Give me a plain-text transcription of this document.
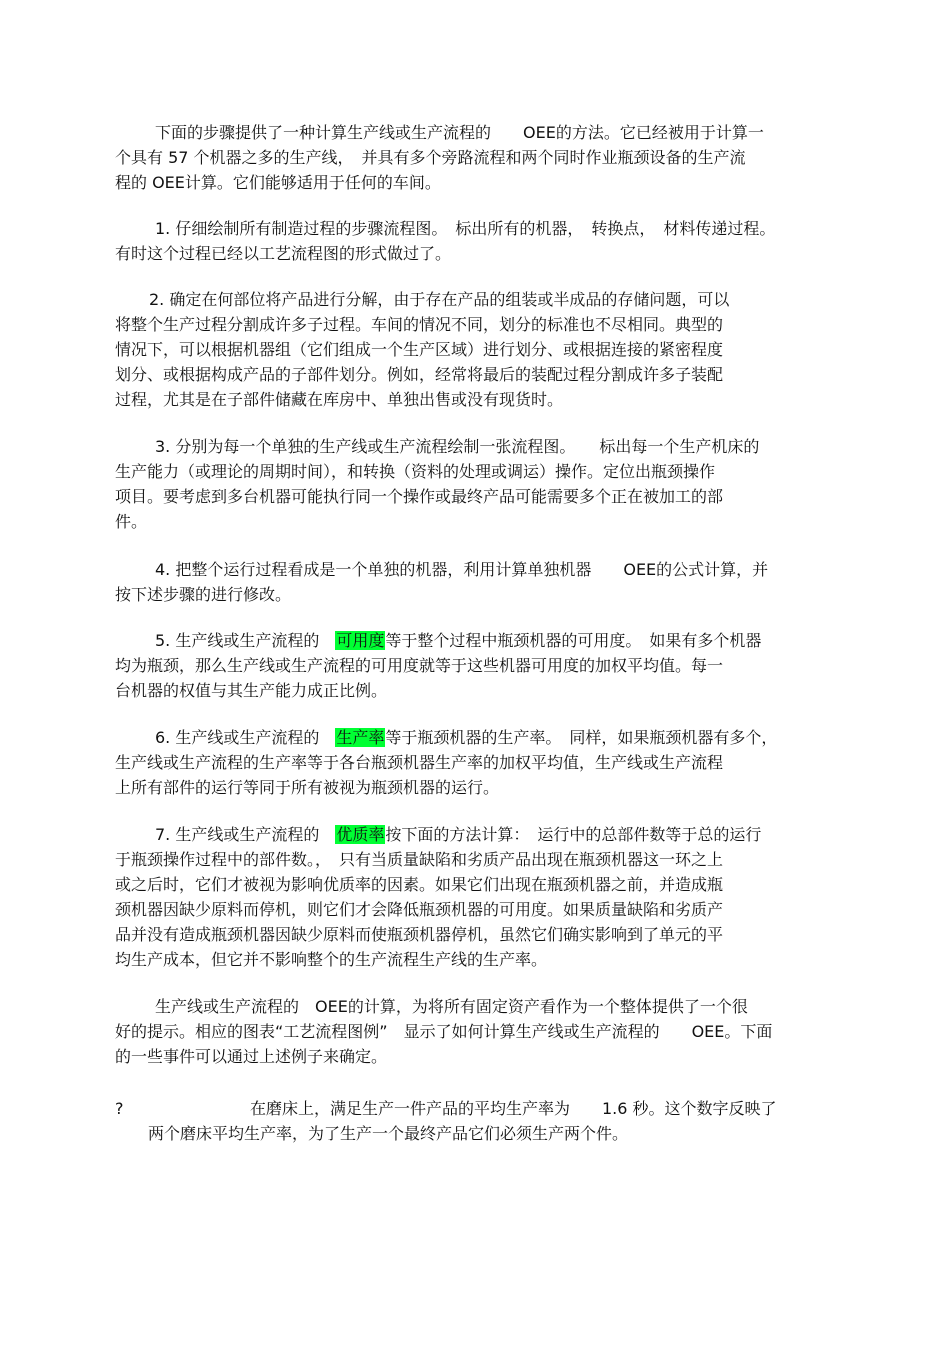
下面的步骤提供了一种计算生产线或生产流程的　　OEE的方法。它已经被用于计算一
个具有 57 个机器之多的生产线，　并具有多个旁路流程和两个同时作业瓶颈设备的生产流
程的 OEE计算。它们能够适用于任何的车间。
1. 仔细绘制所有制造过程的步骤流程图。　标出所有的机器，　转换点，　材料传递过程。
有时这个过程已经以工艺流程图的形式做过了。
2. 确定在何部位将产品进行分解，由于存在产品的组装或半成品的存储问题，可以
将整个生产过程分割成许多子过程。车间的情况不同，划分的标准也不尽相同。典型的
情况下，可以根据机器组（它们组成一个生产区域）进行划分、或根据连接的紧密程度
划分、或根据构成产品的子部件划分。例如，经常将最后的装配过程分割成许多子装配
过程，尤其是在子部件储藏在库房中、单独出售或没有现货时。
3. 分别为每一个单独的生产线或生产流程绘制一张流程图。　　标出每一个生产机床的
生产能力（或理论的周期时间），和转换（资料的处理或调运）操作。定位出瓶颈操作
项目。要考虑到多台机器可能执行同一个操作或最终产品可能需要多个正在被加工的部
件。
4. 把整个运行过程看成是一个单独的机器，利用计算单独机器　　OEE的公式计算，并
按下述步骤的进行修改。
5. 生产线或生产流程的　可用度等于整个过程中瓶颈机器的可用度。　如果有多个机器
均为瓶颈，那么生产线或生产流程的可用度就等于这些机器可用度的加权平均值。每一
台机器的权值与其生产能力成正比例。
6. 生产线或生产流程的　生产率等于瓶颈机器的生产率。　同样，如果瓶颈机器有多个，
生产线或生产流程的生产率等于各台瓶颈机器生产率的加权平均值，生产线或生产流程
上所有部件的运行等同于所有被视为瓶颈机器的运行。
7. 生产线或生产流程的　优质率按下面的方法计算：　运行中的总部件数等于总的运行
于瓶颈操作过程中的部件数。，　只有当质量缺陷和劣质产品出现在瓶颈机器这一环之上
或之后时，它们才被视为影响优质率的因素。如果它们出现在瓶颈机器之前，并造成瓶
颈机器因缺少原料而停机，则它们才会降低瓶颈机器的可用度。如果质量缺陷和劣质产
品并没有造成瓶颈机器因缺少原料而使瓶颈机器停机，虽然它们确实影响到了单元的平
均生产成本，但它并不影响整个的生产流程生产线的生产率。
生产线或生产流程的　OEE的计算，为将所有固定资产看作为一个整体提供了一个很
好的提示。相应的图表“工艺流程图例”　显示了如何计算生产线或生产流程的　　OEE。下面
的一些事件可以通过上述例子来确定。
?	在磨床上，满足生产一件产品的平均生产率为　　1.6 秒。这个数字反映了
两个磨床平均生产率，为了生产一个最终产品它们必须生产两个件。
